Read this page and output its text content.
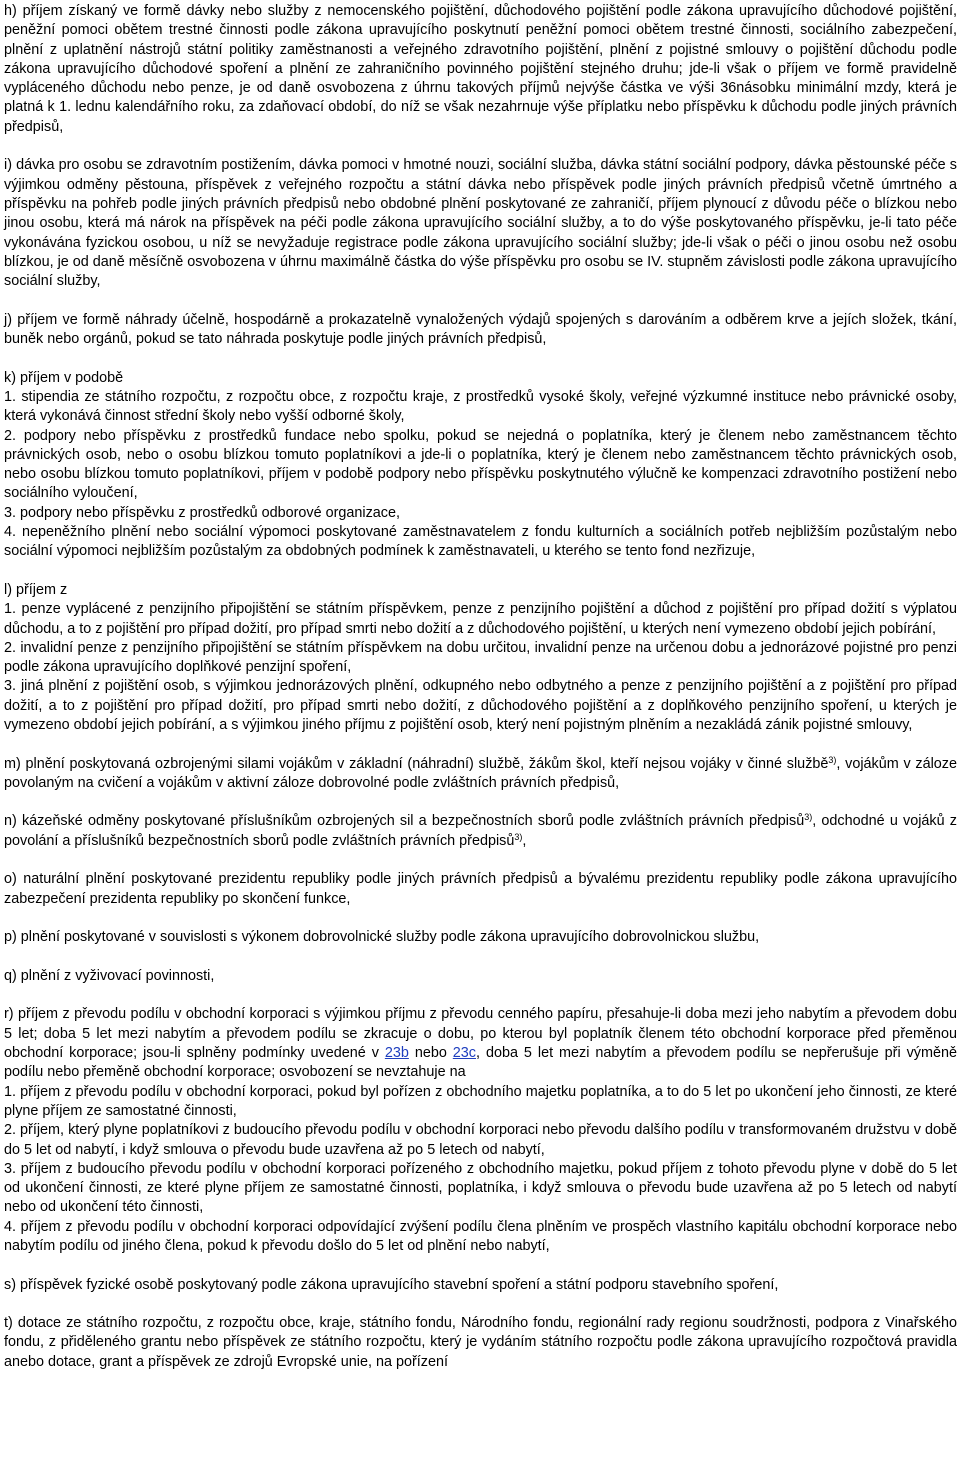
h) příjem získaný ve formě dávky nebo služby z nemocenského pojištění, důchodového pojištění podle zákona upravujícího důchodové pojištění, peněžní pomoci obětem trestné činnosti podle zákona upravujícího poskytnutí peněžní pomoci obětem trestné činnosti, sociálního zabezpečení, plnění z uplatnění nástrojů státní politiky zaměstnanosti a veřejného zdravotního pojištění, plnění z pojistné smlouvy o pojištění důchodu podle zákona upravujícího důchodové spoření a plnění ze zahraničního povinného pojištění stejného druhu; jde-li však o příjem ve formě pravidelně vypláceného důchodu nebo penze, je od daně osvobozena z úhrnu takových příjmů nejvýše částka ve výši 36násobku minimální mzdy, která je platná k 1. lednu kalendářního roku, za zdaňovací období, do níž se však nezahrnuje výše příplatku nebo příspěvku k důchodu podle jiných právních předpisů,

i) dávka pro osobu se zdravotním postižením, dávka pomoci v hmotné nouzi, sociální služba, dávka státní sociální podpory, dávka pěstounské péče s výjimkou odměny pěstouna, příspěvek z veřejného rozpočtu a státní dávka nebo příspěvek podle jiných právních předpisů včetně úmrtného a příspěvku na pohřeb podle jiných právních předpisů nebo obdobné plnění poskytované ze zahraničí, příjem plynoucí z důvodu péče o blízkou nebo jinou osobu, která má nárok na příspěvek na péči podle zákona upravujícího sociální služby, a to do výše poskytovaného příspěvku, je-li tato péče vykonávána fyzickou osobou, u níž se nevyžaduje registrace podle zákona upravujícího sociální služby; jde-li však o péči o jinou osobu než osobu blízkou, je od daně měsíčně osvobozena v úhrnu maximálně částka do výše příspěvku pro osobu se IV. stupněm závislosti podle zákona upravujícího sociální služby,

j) příjem ve formě náhrady účelně, hospodárně a prokazatelně vynaložených výdajů spojených s darováním a odběrem krve a jejích složek, tkání, buněk nebo orgánů, pokud se tato náhrada poskytuje podle jiných právních předpisů,

k) příjem v podobě
1. stipendia ze státního rozpočtu, z rozpočtu obce, z rozpočtu kraje, z prostředků vysoké školy, veřejné výzkumné instituce nebo právnické osoby, která vykonává činnost střední školy nebo vyšší odborné školy,
2. podpory nebo příspěvku z prostředků fundace nebo spolku, pokud se nejedná o poplatníka, který je členem nebo zaměstnancem těchto právnických osob, nebo o osobu blízkou tomuto poplatníkovi a jde-li o poplatníka, který je členem nebo zaměstnancem těchto právnických osob, nebo osobu blízkou tomuto poplatníkovi, příjem v podobě podpory nebo příspěvku poskytnutého výlučně ke kompenzaci zdravotního postižení nebo sociálního vyloučení,
3. podpory nebo příspěvku z prostředků odborové organizace,
4. nepeněžního plnění nebo sociální výpomoci poskytované zaměstnavatelem z fondu kulturních a sociálních potřeb nejbližším pozůstalým nebo sociální výpomoci nejbližším pozůstalým za obdobných podmínek k zaměstnavateli, u kterého se tento fond nezřizuje,

l) příjem z
1. penze vyplácené z penzijního připojištění se státním příspěvkem, penze z penzijního pojištění a důchod z pojištění pro případ dožití s výplatou důchodu, a to z pojištění pro případ dožití, pro případ smrti nebo dožití a z důchodového pojištění, u kterých není vymezeno období jejich pobírání,
2. invalidní penze z penzijního připojištění se státním příspěvkem na dobu určitou, invalidní penze na určenou dobu a jednorázové pojistné pro penzi podle zákona upravujícího doplňkové penzijní spoření,
3. jiná plnění z pojištění osob, s výjimkou jednorázových plnění, odkupného nebo odbytného a penze z penzijního pojištění a z pojištění pro případ dožití, a to z pojištění pro případ dožití, pro případ smrti nebo dožití, z důchodového pojištění a z doplňkového penzijního spoření, u kterých je vymezeno období jejich pobírání, a s výjimkou jiného příjmu z pojištění osob, který není pojistným plněním a nezakládá zánik pojistné smlouvy,

m) plnění poskytovaná ozbrojenými silami vojákům v základní (náhradní) službě, žákům škol, kteří nejsou vojáky v činné službě$^{3)}$, vojákům v záloze povolaným na cvičení a vojákům v aktivní záloze dobrovolné podle zvláštních právních předpisů,

n) kázeňské odměny poskytované příslušníkům ozbrojených sil a bezpečnostních sborů podle zvláštních právních předpisů$^{3)}$, odchodné u vojáků z povolání a příslušníků bezpečnostních sborů podle zvláštních právních předpisů$^{3)}$,

o) naturální plnění poskytované prezidentu republiky podle jiných právních předpisů a bývalému prezidentu republiky podle zákona upravujícího zabezpečení prezidenta republiky po skončení funkce,

p) plnění poskytované v souvislosti s výkonem dobrovolnické služby podle zákona upravujícího dobrovolnickou službu,

q) plnění z vyživovací povinnosti,

r) příjem z převodu podílu v obchodní korporaci s výjimkou příjmu z převodu cenného papíru, přesahuje-li doba mezi jeho nabytím a převodem dobu 5 let; doba 5 let mezi nabytím a převodem podílu se zkracuje o dobu, po kterou byl poplatník členem této obchodní korporace před přeměnou obchodní korporace; jsou-li splněny podmínky uvedené v 23b nebo 23c, doba 5 let mezi nabytím a převodem podílu se nepřerušuje při výměně podílu nebo přeměně obchodní korporace; osvobození se nevztahuje na
1. příjem z převodu podílu v obchodní korporaci, pokud byl pořízen z obchodního majetku poplatníka, a to do 5 let po ukončení jeho činnosti, ze které plyne příjem ze samostatné činnosti,
2. příjem, který plyne poplatníkovi z budoucího převodu podílu v obchodní korporaci nebo převodu dalšího podílu v transformovaném družstvu v době do 5 let od nabytí, i když smlouva o převodu bude uzavřena až po 5 letech od nabytí,
3. příjem z budoucího převodu podílu v obchodní korporaci pořízeného z obchodního majetku, pokud příjem z tohoto převodu plyne v době do 5 let od ukončení činnosti, ze které plyne příjem ze samostatné činnosti, poplatníka, i když smlouva o převodu bude uzavřena až po 5 letech od nabytí nebo od ukončení této činnosti,
4. příjem z převodu podílu v obchodní korporaci odpovídající zvýšení podílu člena plněním ve prospěch vlastního kapitálu obchodní korporace nebo nabytím podílu od jiného člena, pokud k převodu došlo do 5 let od plnění nebo nabytí,

s) příspěvek fyzické osobě poskytovaný podle zákona upravujícího stavební spoření a státní podporu stavebního spoření,

t) dotace ze státního rozpočtu, z rozpočtu obce, kraje, státního fondu, Národního fondu, regionální rady regionu soudržnosti, podpora z Vinařského fondu, z přiděleného grantu nebo příspěvek ze státního rozpočtu, který je vydáním státního rozpočtu podle zákona upravujícího rozpočtová pravidla anebo dotace, grant a příspěvek ze zdrojů Evropské unie, na pořízení
